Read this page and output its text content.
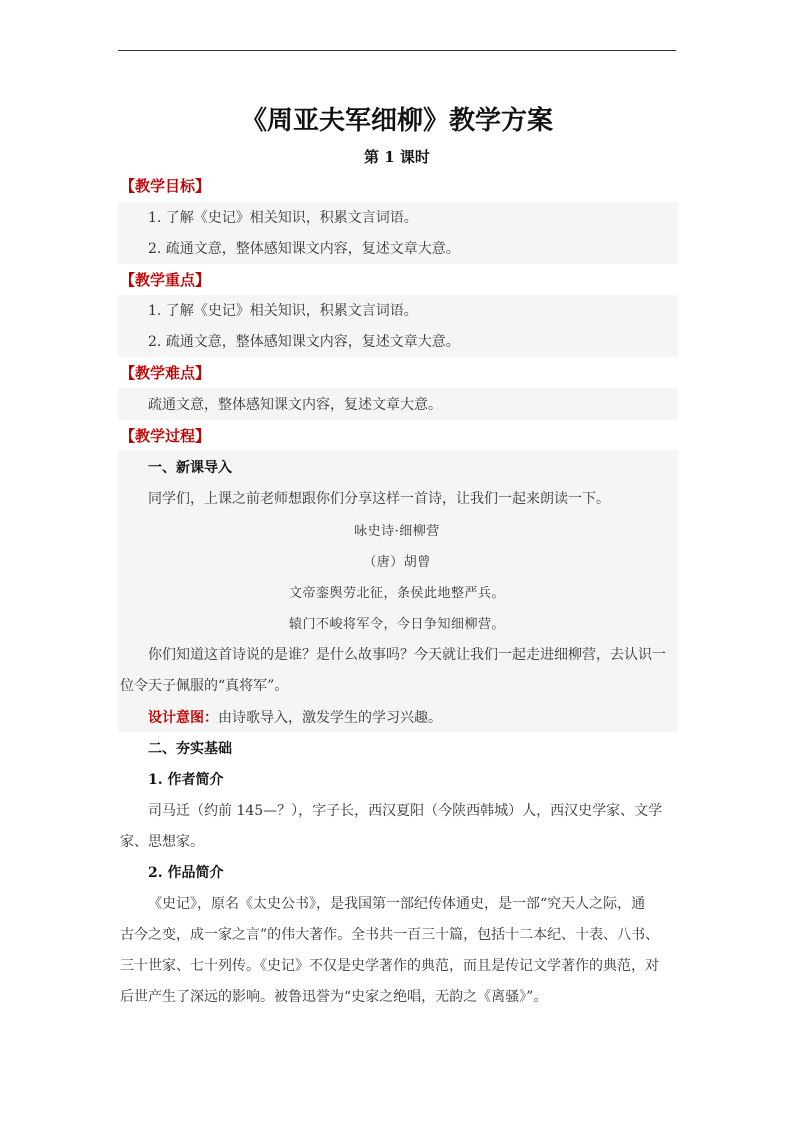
《周亚夫军细柳》教学方案
第 1 课时
【教学目标】
1. 了解《史记》相关知识，积累文言词语。
2. 疏通文意，整体感知课文内容，复述文章大意。
【教学重点】
1. 了解《史记》相关知识，积累文言词语。
2. 疏通文意，整体感知课文内容，复述文章大意。
【教学难点】
疏通文意，整体感知课文内容，复述文章大意。
【教学过程】
一、新课导入
同学们，上课之前老师想跟你们分享这样一首诗，让我们一起来朗读一下。
咏史诗·细柳营
（唐）胡曾
文帝銮舆劳北征，条侯此地整严兵。
辕门不峻将军令，今日争知细柳营。
你们知道这首诗说的是谁？是什么故事吗？今天就让我们一起走进细柳营，去认识一
位令天子佩服的“真将军”。
设计意图：由诗歌导入，激发学生的学习兴趣。
二、夯实基础
1. 作者简介
司马迁（约前 145—？），字子长，西汉夏阳（今陕西韩城）人，西汉史学家、文学
家、思想家。
2. 作品简介
《史记》，原名《太史公书》，是我国第一部纪传体通史，是一部“究天人之际，通
古今之变，成一家之言”的伟大著作。全书共一百三十篇，包括十二本纪、十表、八书、
三十世家、七十列传。《史记》不仅是史学著作的典范，而且是传记文学著作的典范，对
后世产生了深远的影响。被鲁迅誉为“史家之绝唱，无韵之《离骚》”。
